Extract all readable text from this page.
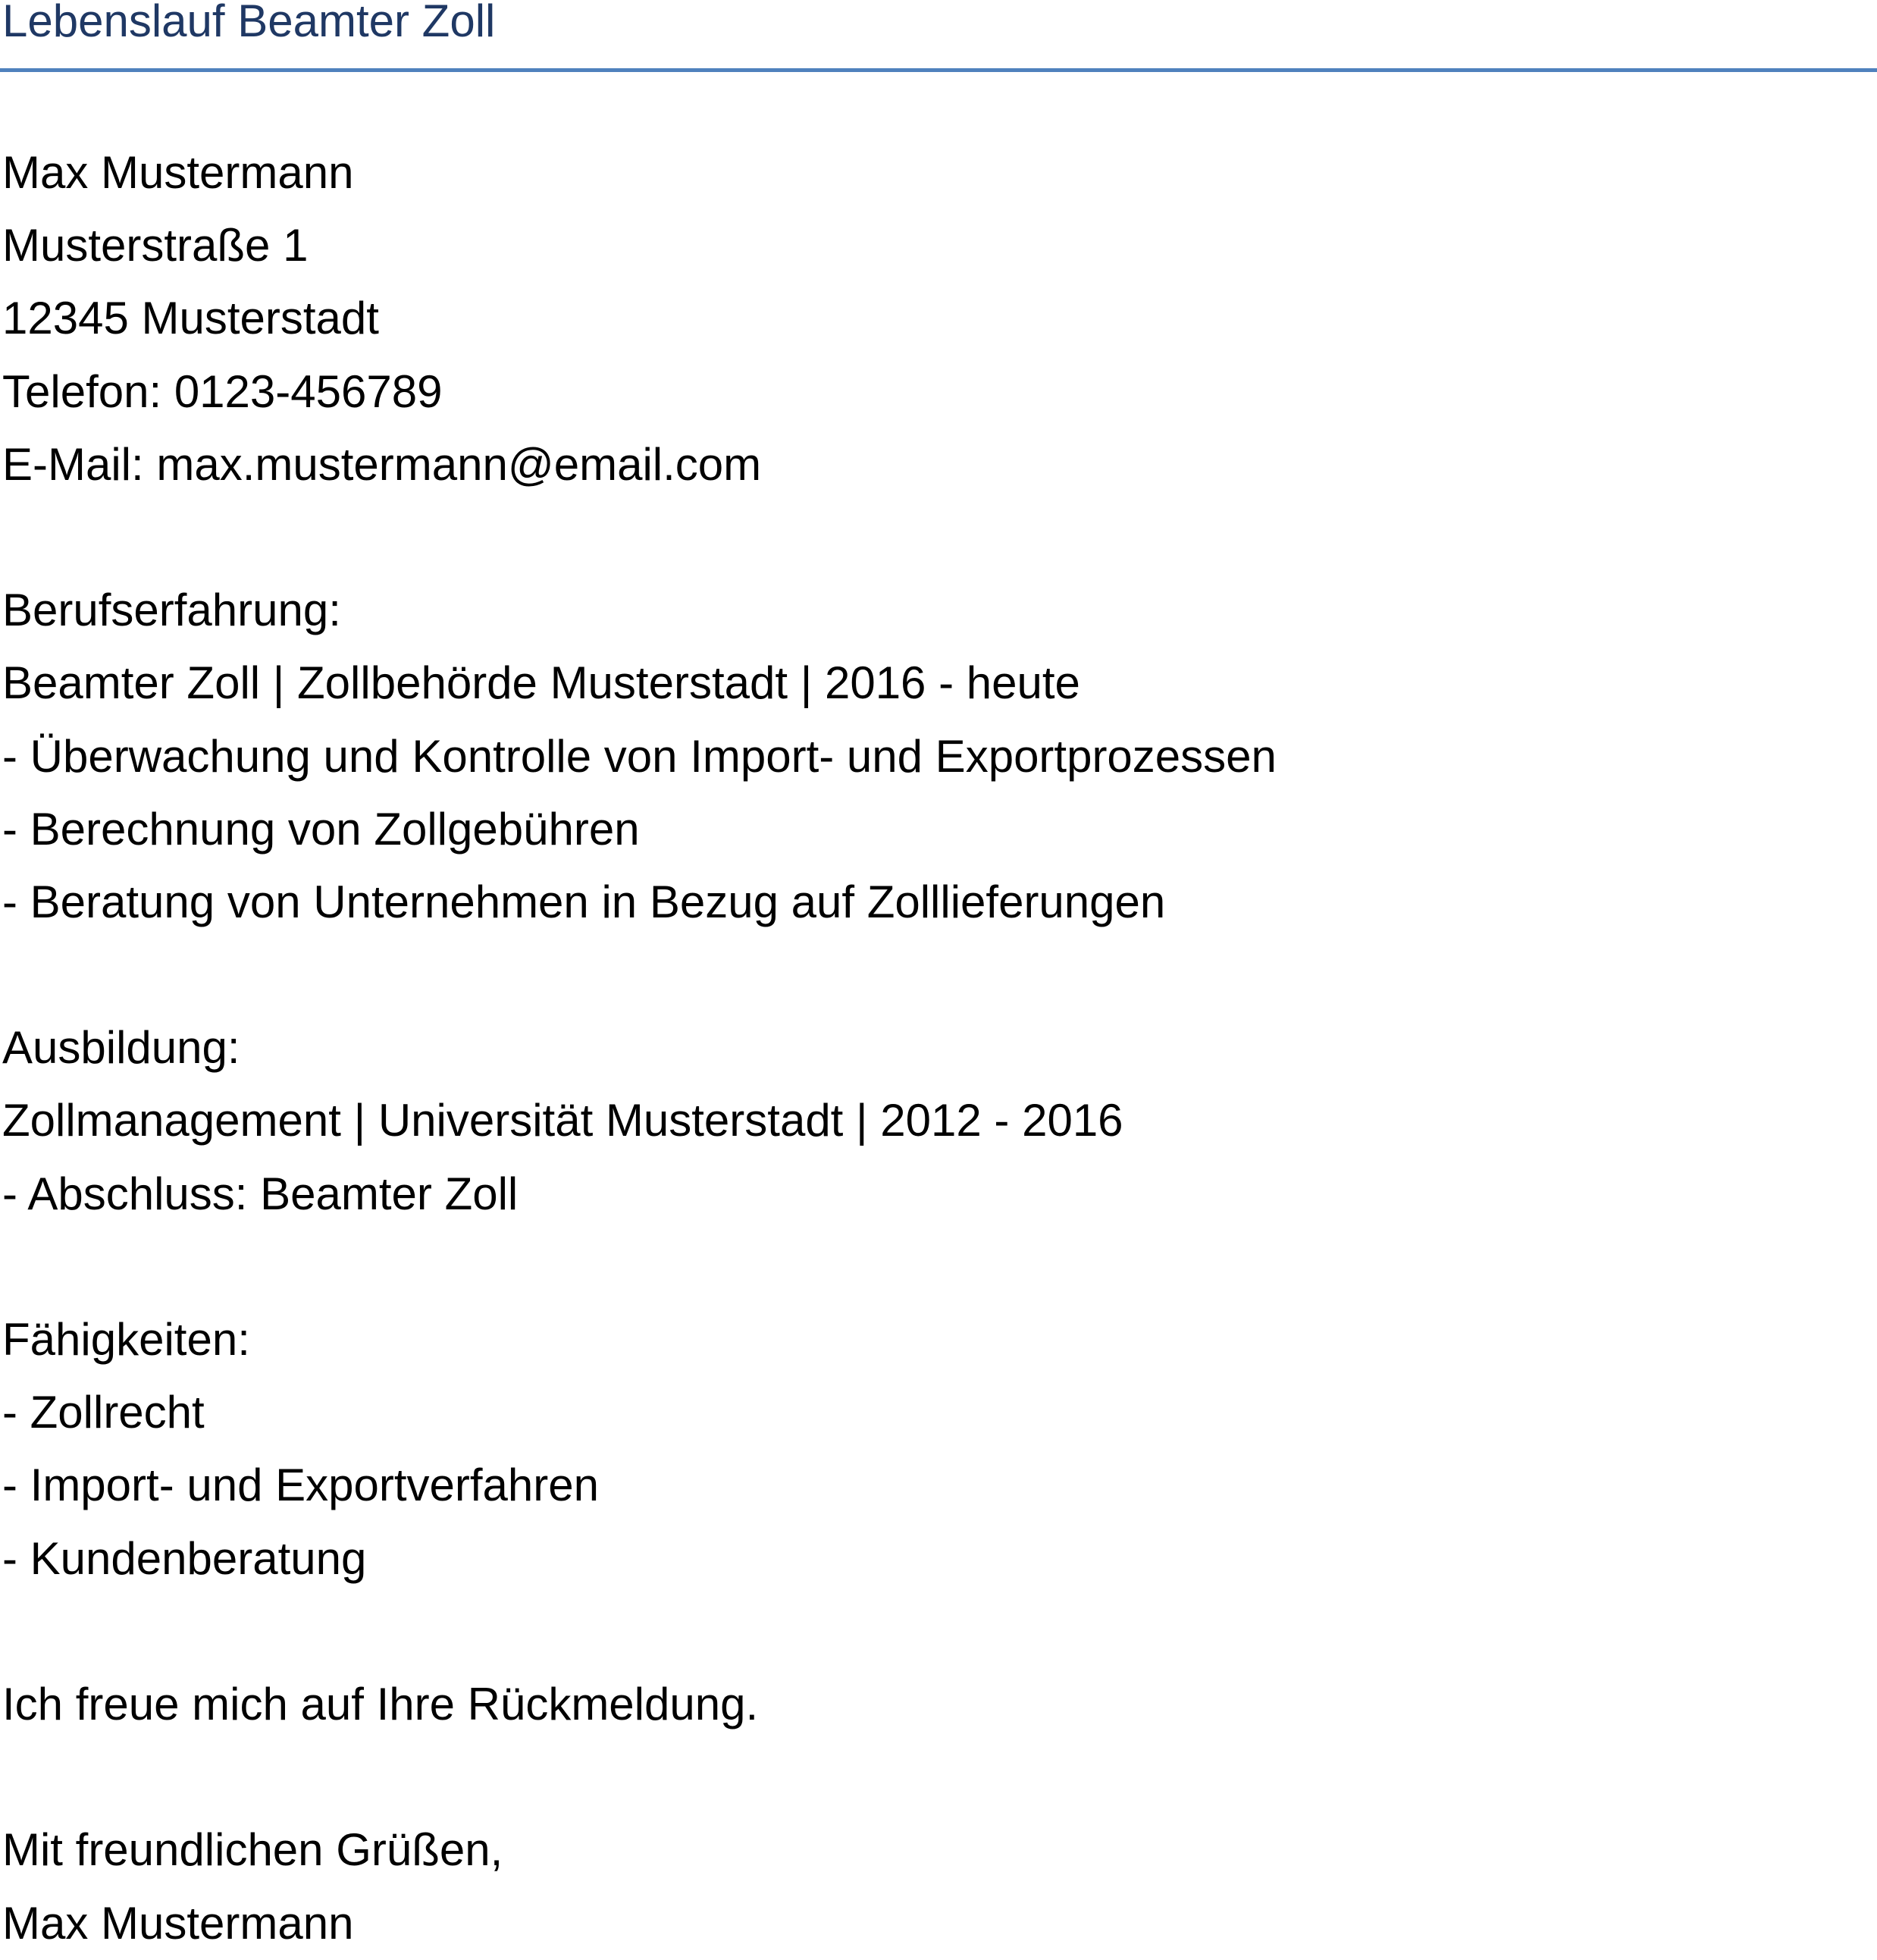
Lebenslauf Beamter Zoll
Max Mustermann
Musterstraße 1
12345 Musterstadt
Telefon: 0123-456789
E-Mail: max.mustermann@email.com
Berufserfahrung:
Beamter Zoll | Zollbehörde Musterstadt | 2016 - heute
- Überwachung und Kontrolle von Import- und Exportprozessen
- Berechnung von Zollgebühren
- Beratung von Unternehmen in Bezug auf Zolllieferungen
Ausbildung:
Zollmanagement | Universität Musterstadt | 2012 - 2016
- Abschluss: Beamter Zoll
Fähigkeiten:
- Zollrecht
- Import- und Exportverfahren
- Kundenberatung
Ich freue mich auf Ihre Rückmeldung.
Mit freundlichen Grüßen,
Max Mustermann
